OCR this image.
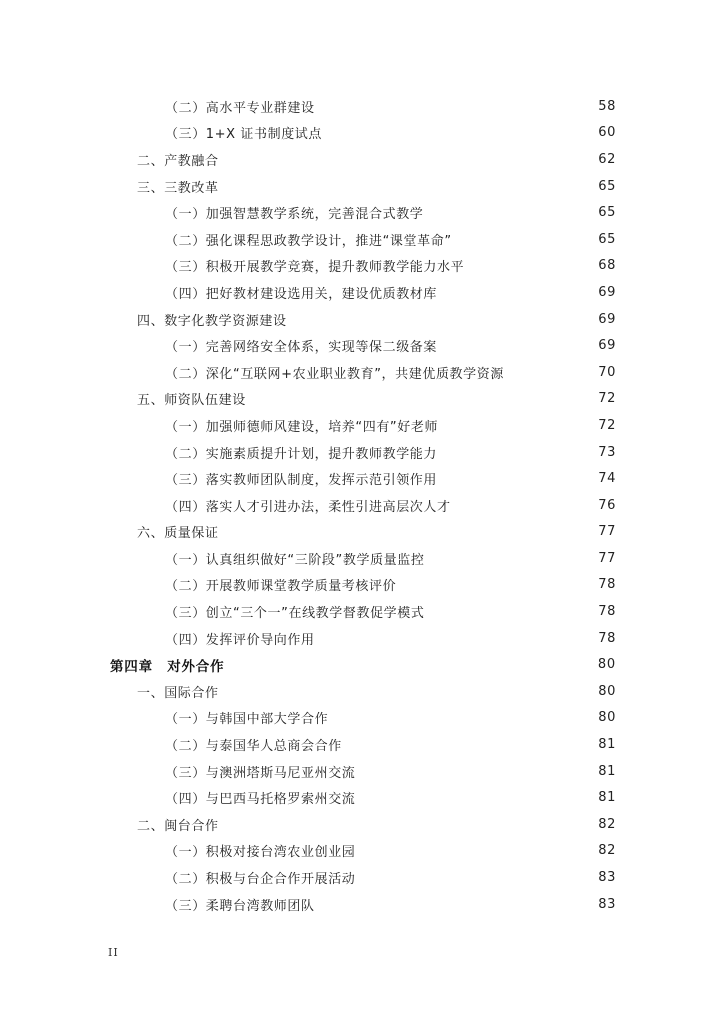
（二）高水平专业群建设	58
（三）1+X 证书制度试点	60
二、产教融合	62
三、三教改革	65
（一）加强智慧教学系统，完善混合式教学	65
（二）强化课程思政教学设计，推进“课堂革命”	65
（三）积极开展教学竞赛，提升教师教学能力水平	68
（四）把好教材建设选用关，建设优质教材库	69
四、数字化教学资源建设	69
（一）完善网络安全体系，实现等保二级备案	69
（二）深化“互联网+农业职业教育”，共建优质教学资源	70
五、师资队伍建设	72
（一）加强师德师风建设，培养“四有”好老师	72
（二）实施素质提升计划，提升教师教学能力	73
（三）落实教师团队制度，发挥示范引领作用	74
（四）落实人才引进办法，柔性引进高层次人才	76
六、质量保证	77
（一）认真组织做好“三阶段”教学质量监控	77
（二）开展教师课堂教学质量考核评价	78
（三）创立“三个一”在线教学督教促学模式	78
（四）发挥评价导向作用	78
第四章　对外合作	80
一、国际合作	80
（一）与韩国中部大学合作	80
（二）与泰国华人总商会合作	81
（三）与澳洲塔斯马尼亚州交流	81
（四）与巴西马托格罗索州交流	81
二、闽台合作	82
（一）积极对接台湾农业创业园	82
（二）积极与台企合作开展活动	83
（三）柔聘台湾教师团队	83
II
